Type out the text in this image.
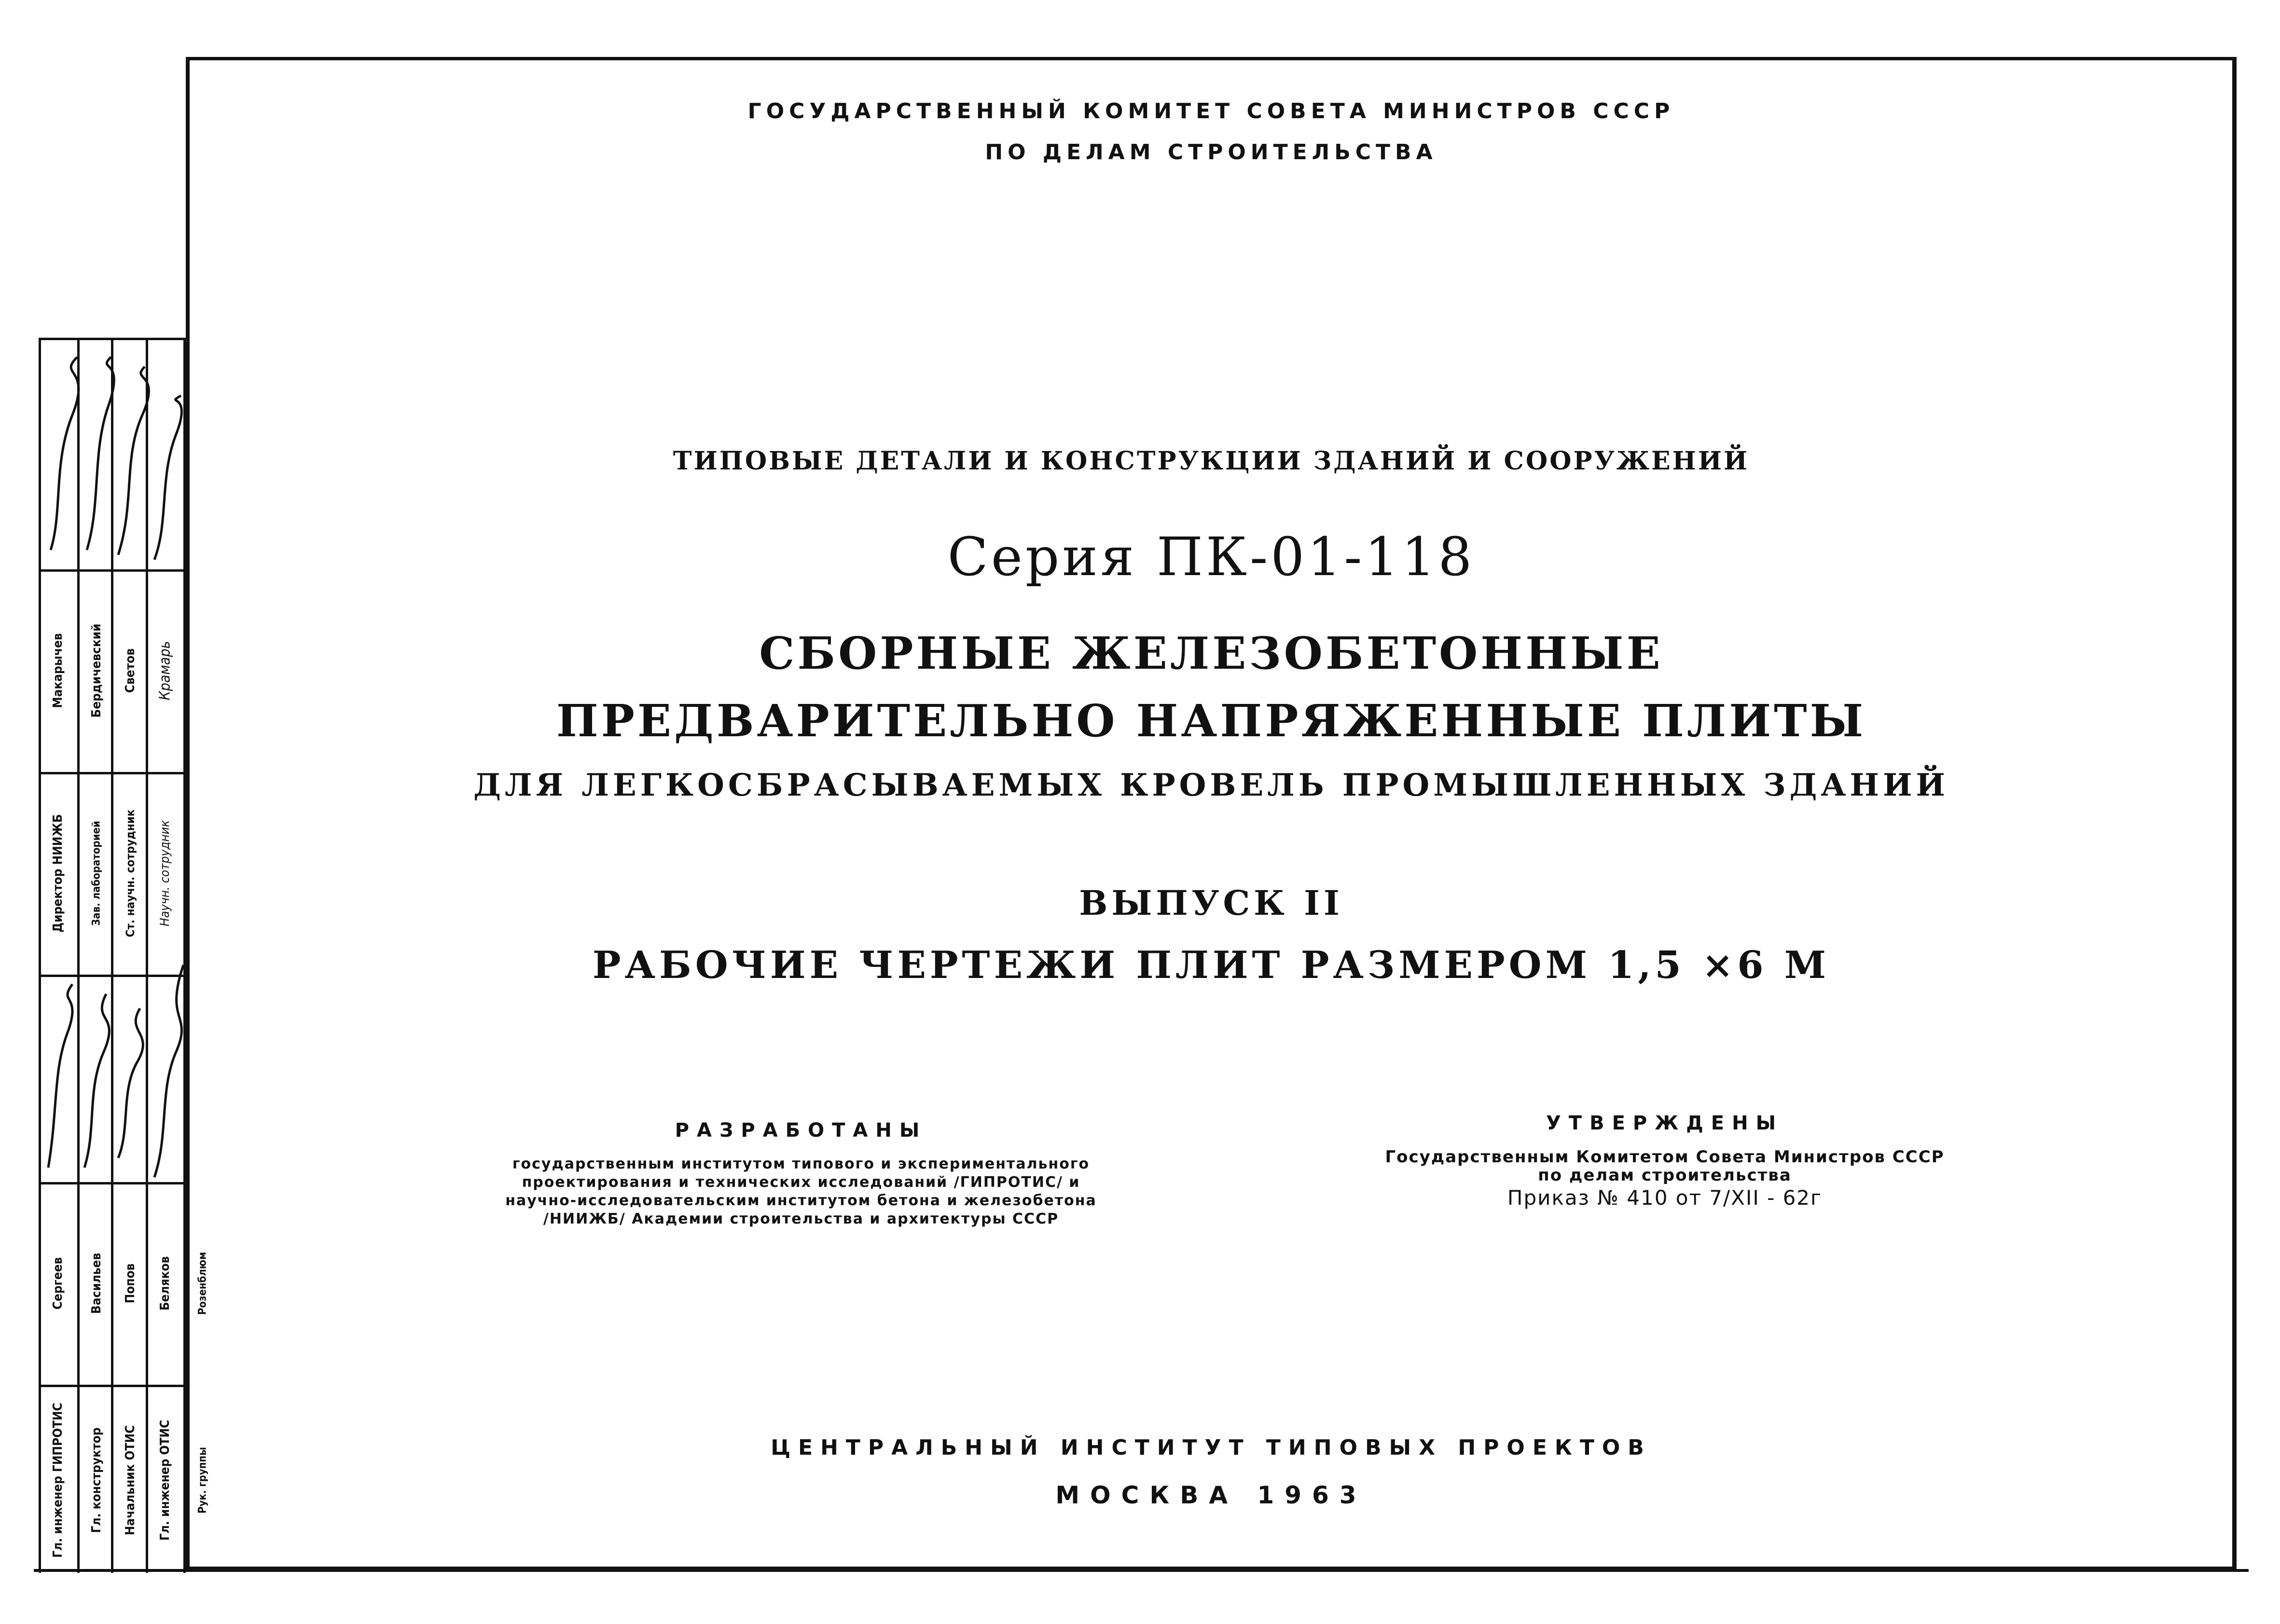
ГОСУДАРСТВЕННЫЙ КОМИТЕТ СОВЕТА МИНИСТРОВ СССР
ПО ДЕЛАМ СТРОИТЕЛЬСТВА
ТИПОВЫЕ ДЕТАЛИ И КОНСТРУКЦИИ ЗДАНИЙ И СООРУЖЕНИЙ
Серия ПК-01-118
СБОРНЫЕ ЖЕЛЕЗОБЕТОННЫЕ
ПРЕДВАРИТЕЛЬНО НАПРЯЖЕННЫЕ ПЛИТЫ
ДЛЯ ЛЕГКОСБРАСЫВАЕМЫХ КРОВЕЛЬ ПРОМЫШЛЕННЫХ ЗДАНИЙ
ВЫПУСК II
РАБОЧИЕ ЧЕРТЕЖИ ПЛИТ РАЗМЕРОМ 1,5 ×6 М
РАЗРАБОТАНЫ
государственным институтом типового и экспериментального
проектирования и технических исследований /ГИПРОТИС/ и
научно-исследовательским институтом бетона и железобетона
/НИИЖБ/ Академии строительства и архитектуры СССР
УТВЕРЖДЕНЫ
Государственным Комитетом Совета Министров СССР
по делам строительства
Приказ № 410 от 7/XII - 62г
ЦЕНТРАЛЬНЫЙ ИНСТИТУТ ТИПОВЫХ ПРОЕКТОВ
МОСКВА 1963
Гл. инженер ГИПРОТИС Гл. конструктор Начальник ОТИС Гл. инженер ОТИС
Сергеев Васильев Попов Беляков Розенблюм
Директор НИИЖБ Зав. лабораторией Ст. научн. сотрудник Научн. сотрудник
Макарычев Бердичевский Светов Крамарь
Рук. группы
